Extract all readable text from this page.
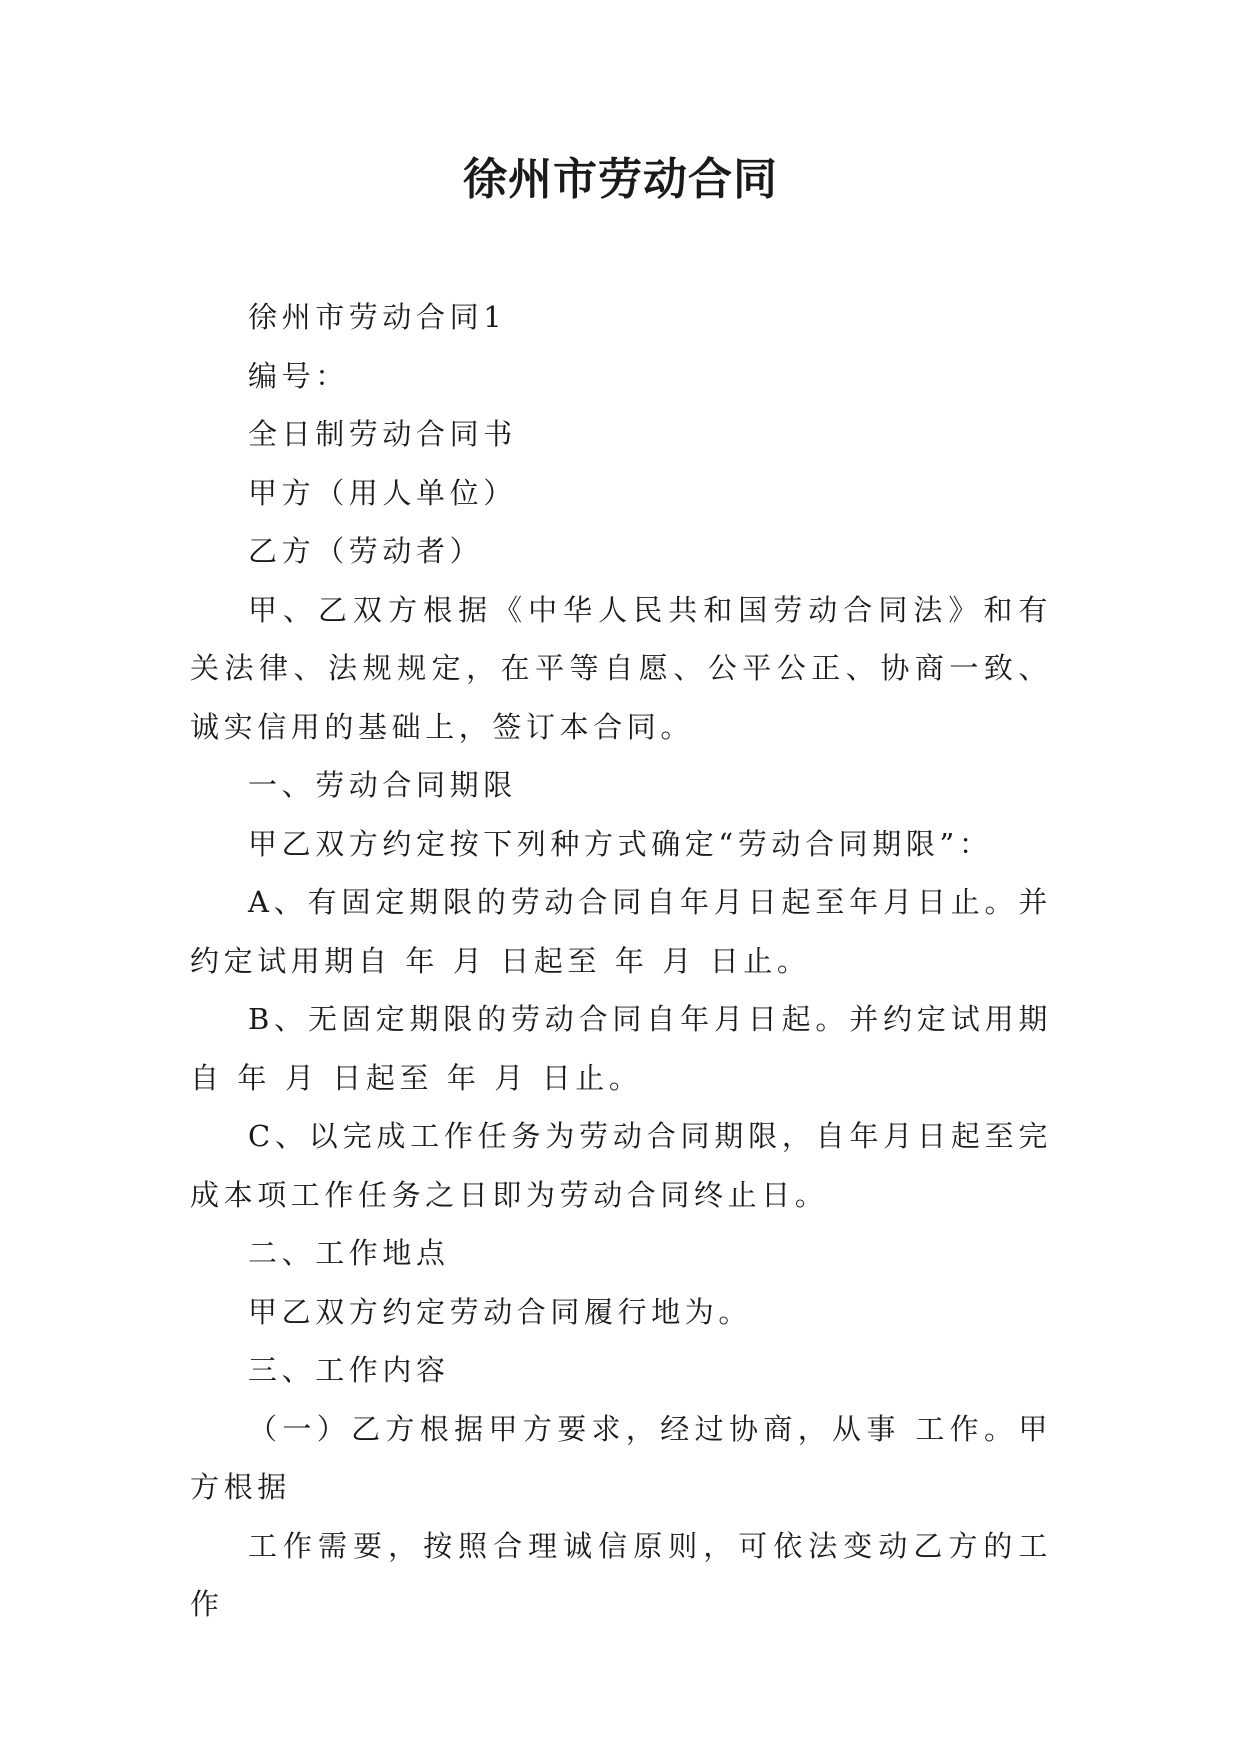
徐州市劳动合同

徐州市劳动合同1

编号：

全日制劳动合同书

甲方（用人单位）

乙方（劳动者）

甲、乙双方根据《中华人民共和国劳动合同法》和有关法律、法规规定，在平等自愿、公平公正、协商一致、诚实信用的基础上，签订本合同。

一、劳动合同期限

甲乙双方约定按下列种方式确定“劳动合同期限”：

A、有固定期限的劳动合同自年月日起至年月日止。并约定试用期自 年 月 日起至 年 月 日止。

B、无固定期限的劳动合同自年月日起。并约定试用期自 年 月 日起至 年 月 日止。

C、以完成工作任务为劳动合同期限，自年月日起至完成本项工作任务之日即为劳动合同终止日。

二、工作地点

甲乙双方约定劳动合同履行地为。

三、工作内容

（一）乙方根据甲方要求，经过协商，从事 工作。甲方根据

工作需要，按照合理诚信原则，可依法变动乙方的工作
